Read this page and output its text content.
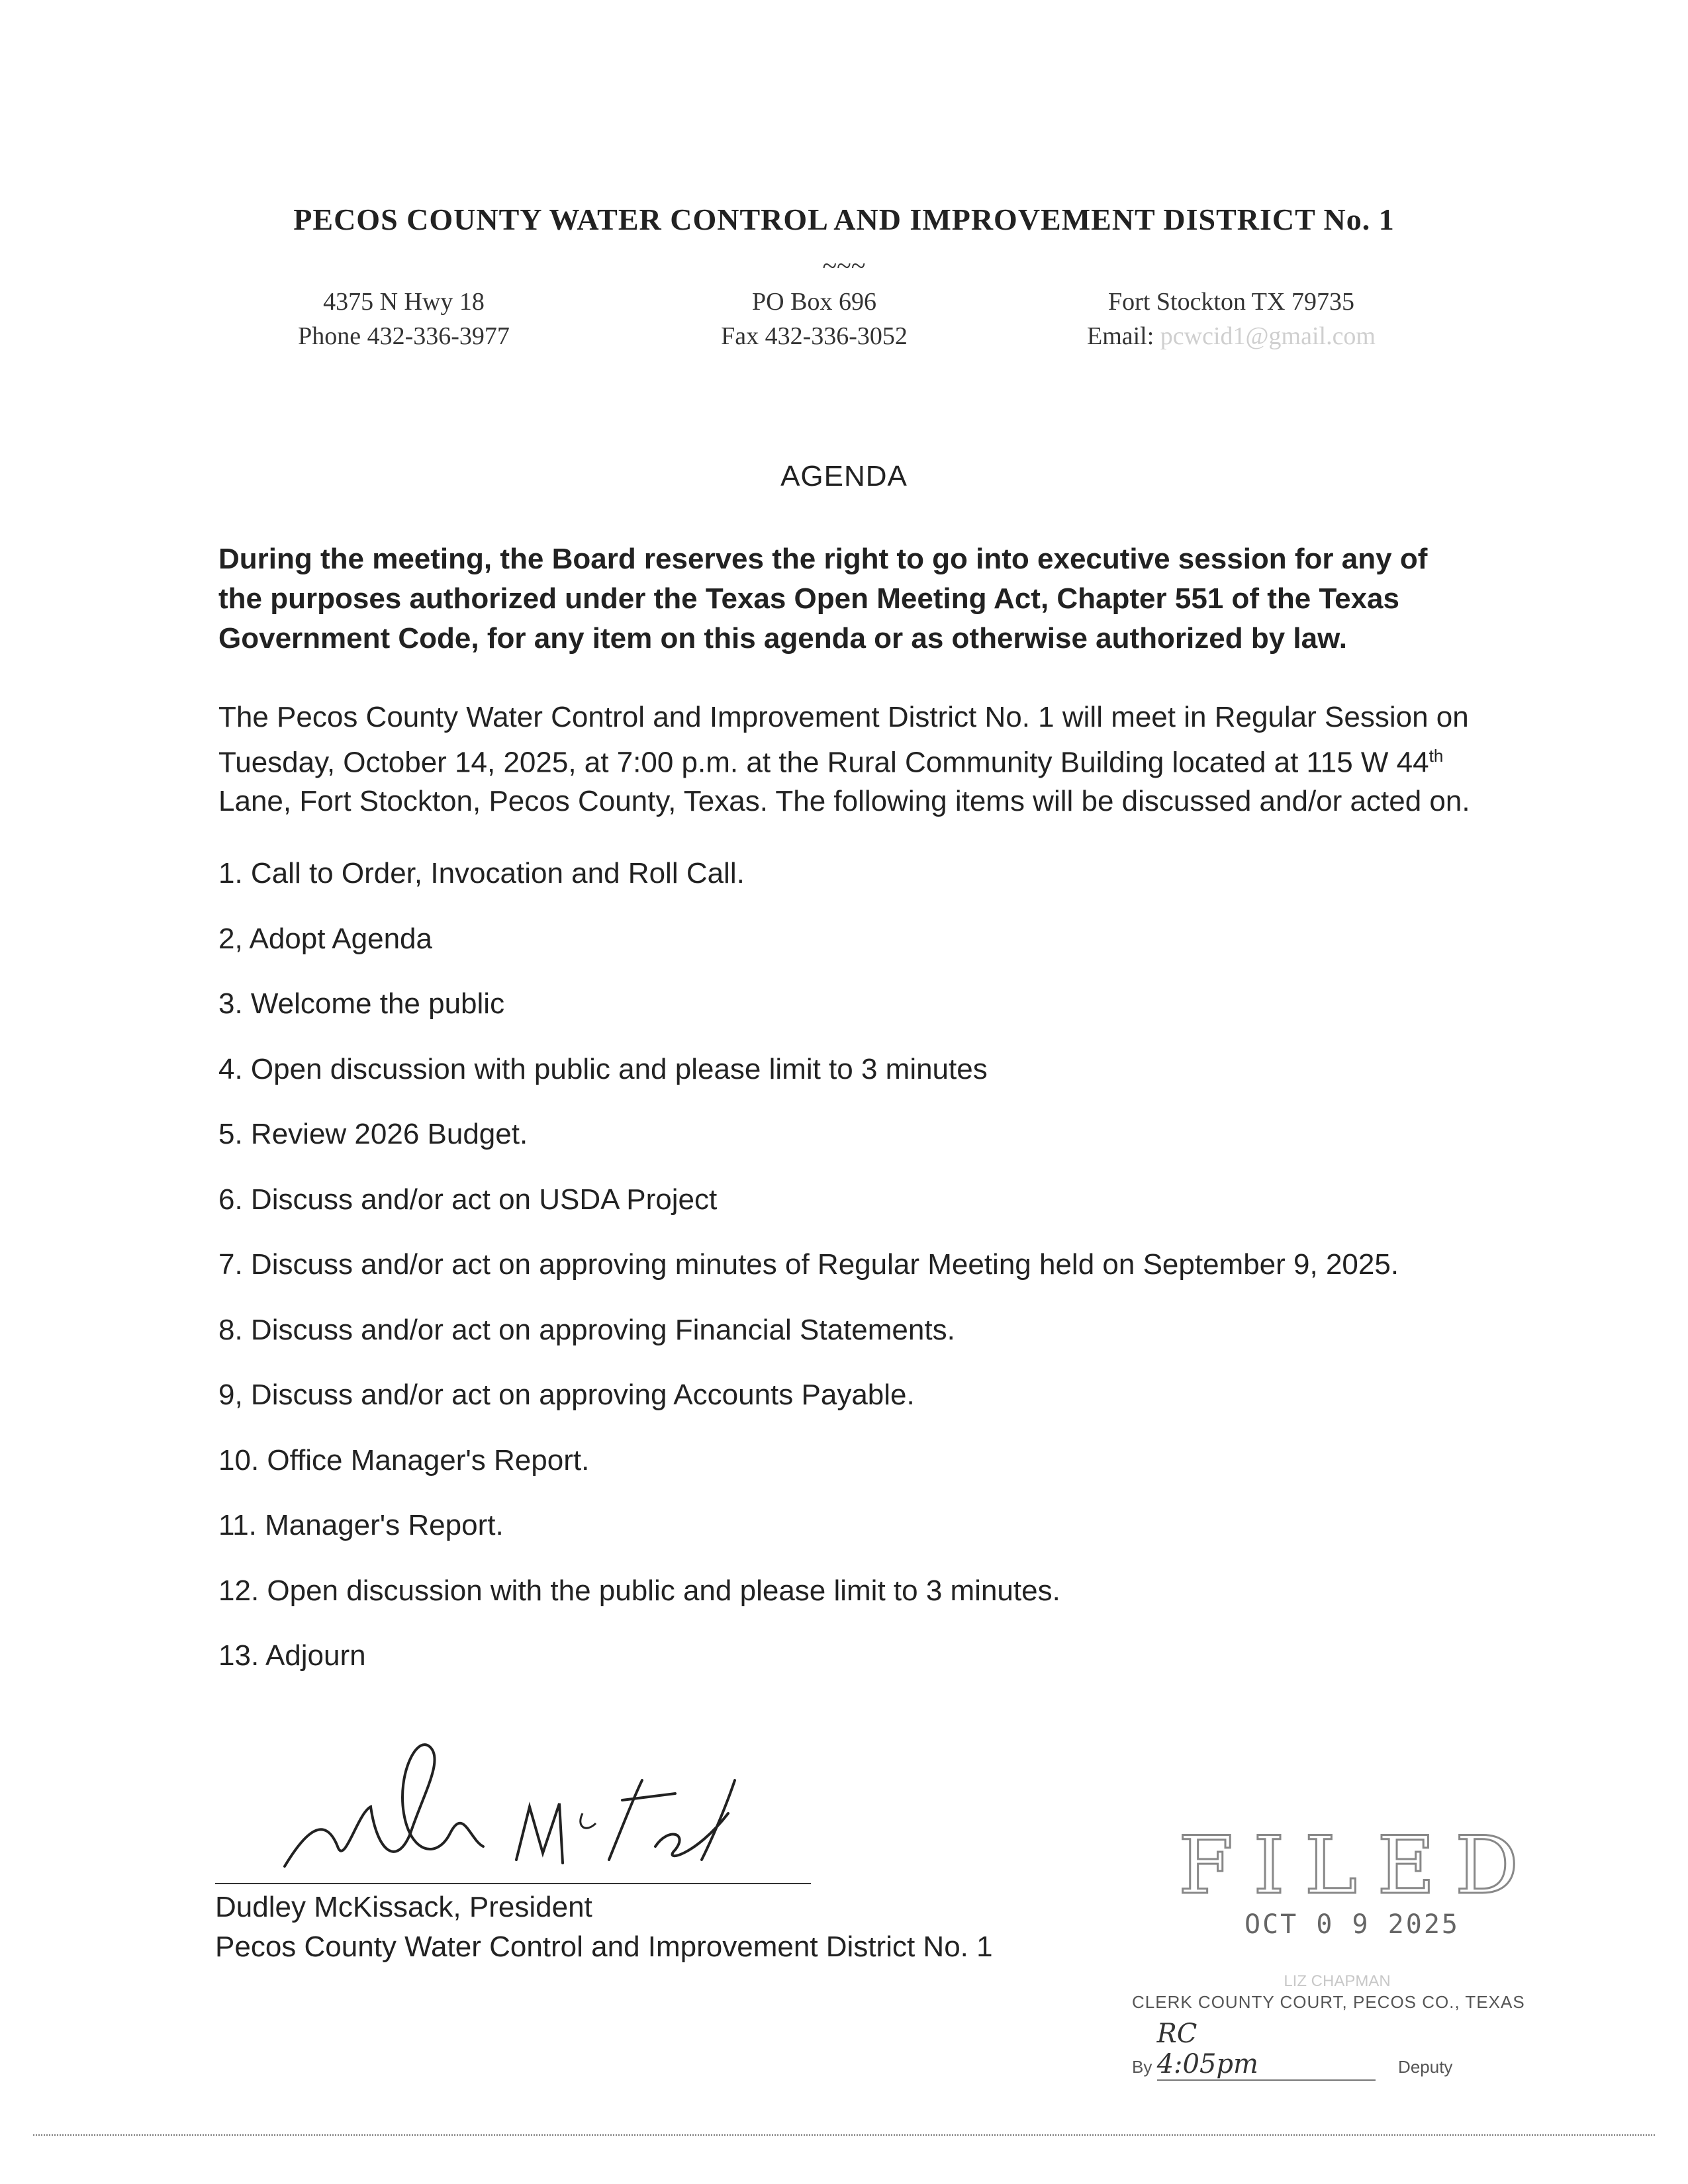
PECOS COUNTY WATER CONTROL AND IMPROVEMENT DISTRICT No. 1
~~~
4375 N Hwy 18
Phone 432-336-3977
PO Box 696
Fax 432-336-3052
Fort Stockton TX 79735
Email: pcwcid1@gmail.com
AGENDA
During the meeting, the Board reserves the right to go into executive session for any of the purposes authorized under the Texas Open Meeting Act, Chapter 551 of the Texas Government Code, for any item on this agenda or as otherwise authorized by law.
The Pecos County Water Control and Improvement District No. 1 will meet in Regular Session on Tuesday, October 14, 2025, at 7:00 p.m. at the Rural Community Building located at 115 W 44th Lane, Fort Stockton, Pecos County, Texas. The following items will be discussed and/or acted on.
1. Call to Order, Invocation and Roll Call.
2, Adopt Agenda
3. Welcome the public
4. Open discussion with public and please limit to 3 minutes
5. Review 2026 Budget.
6. Discuss and/or act on USDA Project
7. Discuss and/or act on approving minutes of Regular Meeting held on September 9, 2025.
8. Discuss and/or act on approving Financial Statements.
9, Discuss and/or act on approving Accounts Payable.
10. Office Manager's Report.
11. Manager's Report.
12. Open discussion with the public and please limit to 3 minutes.
13. Adjourn
Dudley McKissack, President
Pecos County Water Control and Improvement District No. 1
FILED
OCT 0 9 2025
LIZ CHAPMAN
CLERK COUNTY COURT, PECOS CO., TEXAS
By RC  4:05pm	Deputy
